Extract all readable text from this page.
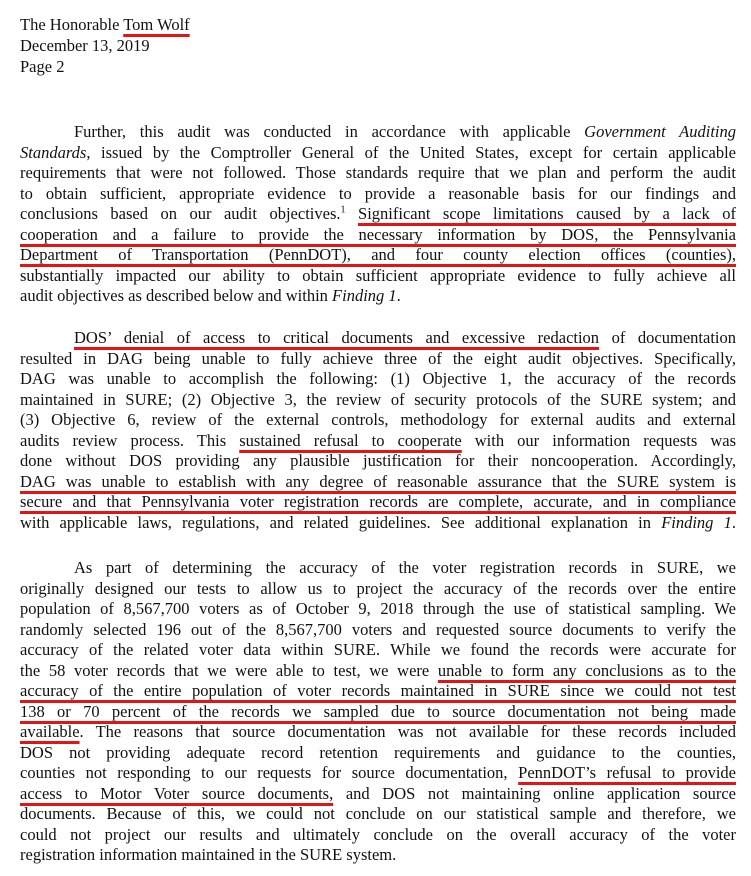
The Honorable Tom Wolf
December 13, 2019
Page 2
Further, this audit was conducted in accordance with applicable Government Auditing
Standards, issued by the Comptroller General of the United States, except for certain applicable
requirements that were not followed. Those standards require that we plan and perform the audit
to obtain sufficient, appropriate evidence to provide a reasonable basis for our findings and
conclusions based on our audit objectives.$^1$ Significant scope limitations caused by a lack of
cooperation and a failure to provide the necessary information by DOS, the Pennsylvania
Department of Transportation (PennDOT), and four county election offices (counties),
substantially impacted our ability to obtain sufficient appropriate evidence to fully achieve all
audit objectives as described below and within Finding 1.
DOS’ denial of access to critical documents and excessive redaction of documentation
resulted in DAG being unable to fully achieve three of the eight audit objectives. Specifically,
DAG was unable to accomplish the following: (1) Objective 1, the accuracy of the records
maintained in SURE; (2) Objective 3, the review of security protocols of the SURE system; and
(3) Objective 6, review of the external controls, methodology for external audits and external
audits review process. This sustained refusal to cooperate with our information requests was
done without DOS providing any plausible justification for their noncooperation. Accordingly,
DAG was unable to establish with any degree of reasonable assurance that the SURE system is
secure and that Pennsylvania voter registration records are complete, accurate, and in compliance
with applicable laws, regulations, and related guidelines. See additional explanation in Finding 1.
As part of determining the accuracy of the voter registration records in SURE, we
originally designed our tests to allow us to project the accuracy of the records over the entire
population of 8,567,700 voters as of October 9, 2018 through the use of statistical sampling. We
randomly selected 196 out of the 8,567,700 voters and requested source documents to verify the
accuracy of the related voter data within SURE. While we found the records were accurate for
the 58 voter records that we were able to test, we were unable to form any conclusions as to the
accuracy of the entire population of voter records maintained in SURE since we could not test
138 or 70 percent of the records we sampled due to source documentation not being made
available. The reasons that source documentation was not available for these records included
DOS not providing adequate record retention requirements and guidance to the counties,
counties not responding to our requests for source documentation, PennDOT’s refusal to provide
access to Motor Voter source documents, and DOS not maintaining online application source
documents. Because of this, we could not conclude on our statistical sample and therefore, we
could not project our results and ultimately conclude on the overall accuracy of the voter
registration information maintained in the SURE system.
